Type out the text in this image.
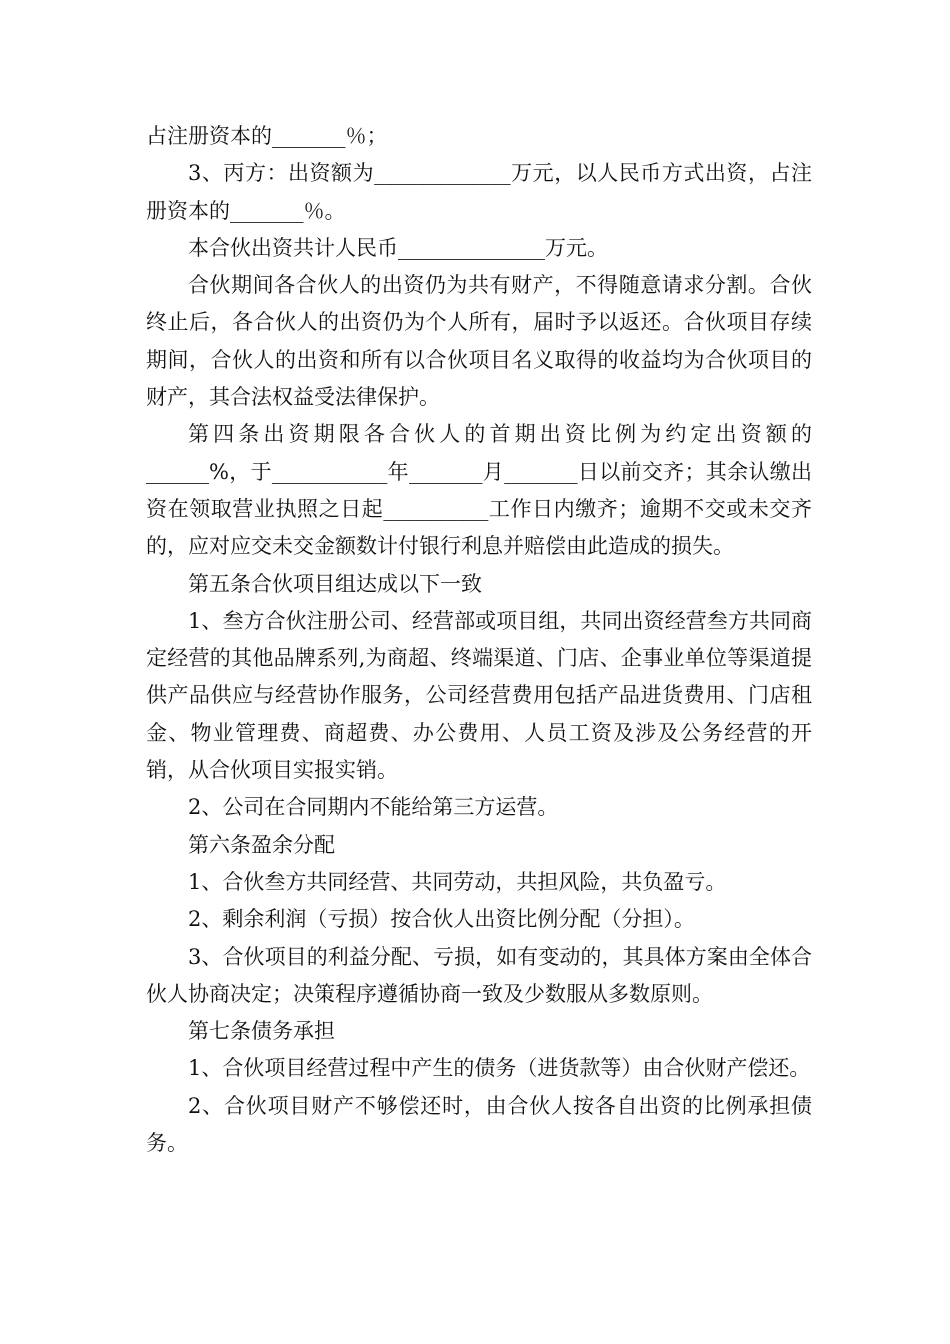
占注册资本的_______％；

3、丙方：出资额为_____________万元，以人民币方式出资，占注册资本的_______％。

本合伙出资共计人民币______________万元。

合伙期间各合伙人的出资仍为共有财产，不得随意请求分割。合伙终止后，各合伙人的出资仍为个人所有，届时予以返还。合伙项目存续期间，合伙人的出资和所有以合伙项目名义取得的收益均为合伙项目的财产，其合法权益受法律保护。

第四条出资期限各合伙人的首期出资比例为约定出资额的______%，于___________年_______月_______日以前交齐；其余认缴出资在领取营业执照之日起__________工作日内缴齐；逾期不交或未交齐的，应对应交未交金额数计付银行利息并赔偿由此造成的损失。

第五条合伙项目组达成以下一致

1、叁方合伙注册公司、经营部或项目组，共同出资经营叁方共同商定经营的其他品牌系列,为商超、终端渠道、门店、企事业单位等渠道提供产品供应与经营协作服务，公司经营费用包括产品进货费用、门店租金、物业管理费、商超费、办公费用、人员工资及涉及公务经营的开销，从合伙项目实报实销。

2、公司在合同期内不能给第三方运营。

第六条盈余分配

1、合伙叁方共同经营、共同劳动，共担风险，共负盈亏。

2、剩余利润（亏损）按合伙人出资比例分配（分担）。

3、合伙项目的利益分配、亏损，如有变动的，其具体方案由全体合伙人协商决定；决策程序遵循协商一致及少数服从多数原则。

第七条债务承担

1、合伙项目经营过程中产生的债务（进货款等）由合伙财产偿还。

2、合伙项目财产不够偿还时，由合伙人按各自出资的比例承担债务。
